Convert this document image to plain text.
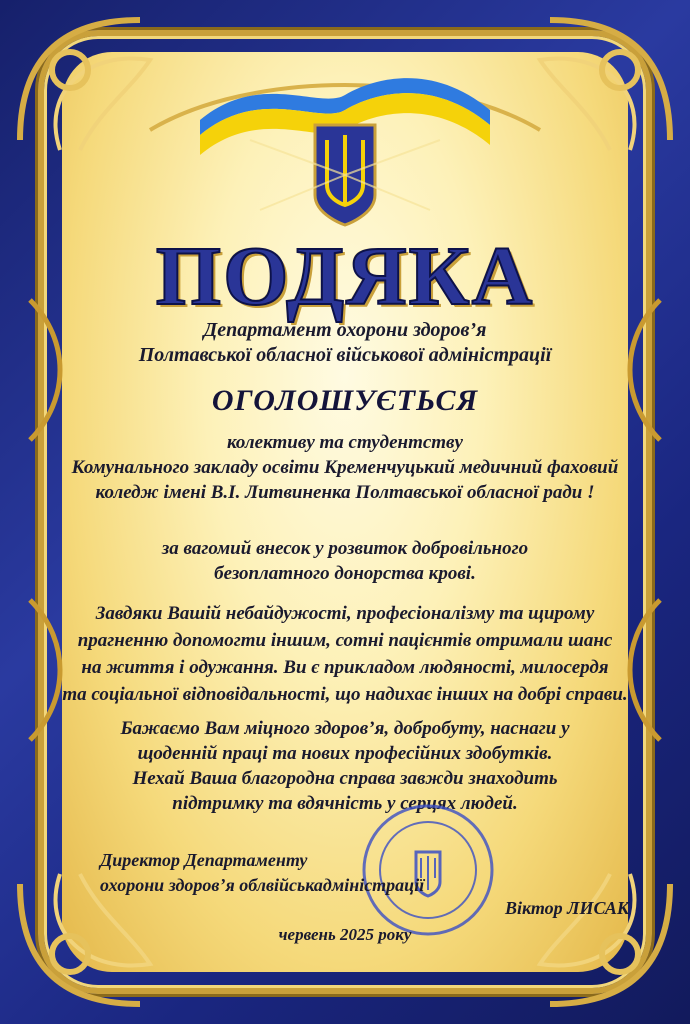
ПОДЯКА
Департамент охорони здоров’я
Полтавської обласної військової адміністрації
ОГОЛОШУЄТЬСЯ
колективу та студентству
Комунального закладу освіти Кременчуцький медичний фаховий
коледж імені В.І. Литвиненка Полтавської обласної ради !
за вагомий внесок у розвиток добровільного
безоплатного донорства крові.
Завдяки Вашій небайдужості, професіоналізму та щирому
прагненню допомогти іншим, сотні пацієнтів отримали шанс
на життя і одужання. Ви є прикладом людяності, милосердя
та соціальної відповідальності, що надихає інших на добрі справи.
Бажаємо Вам міцного здоров’я, добробуту, наснаги у
щоденній праці та нових професійних здобутків.
Нехай Ваша благородна справа завжди знаходить
підтримку та вдячність у серцях людей.
Директор Департаменту
охорони здоров’я облвійськадміністрації
Віктор ЛИСАК
червень 2025 року
